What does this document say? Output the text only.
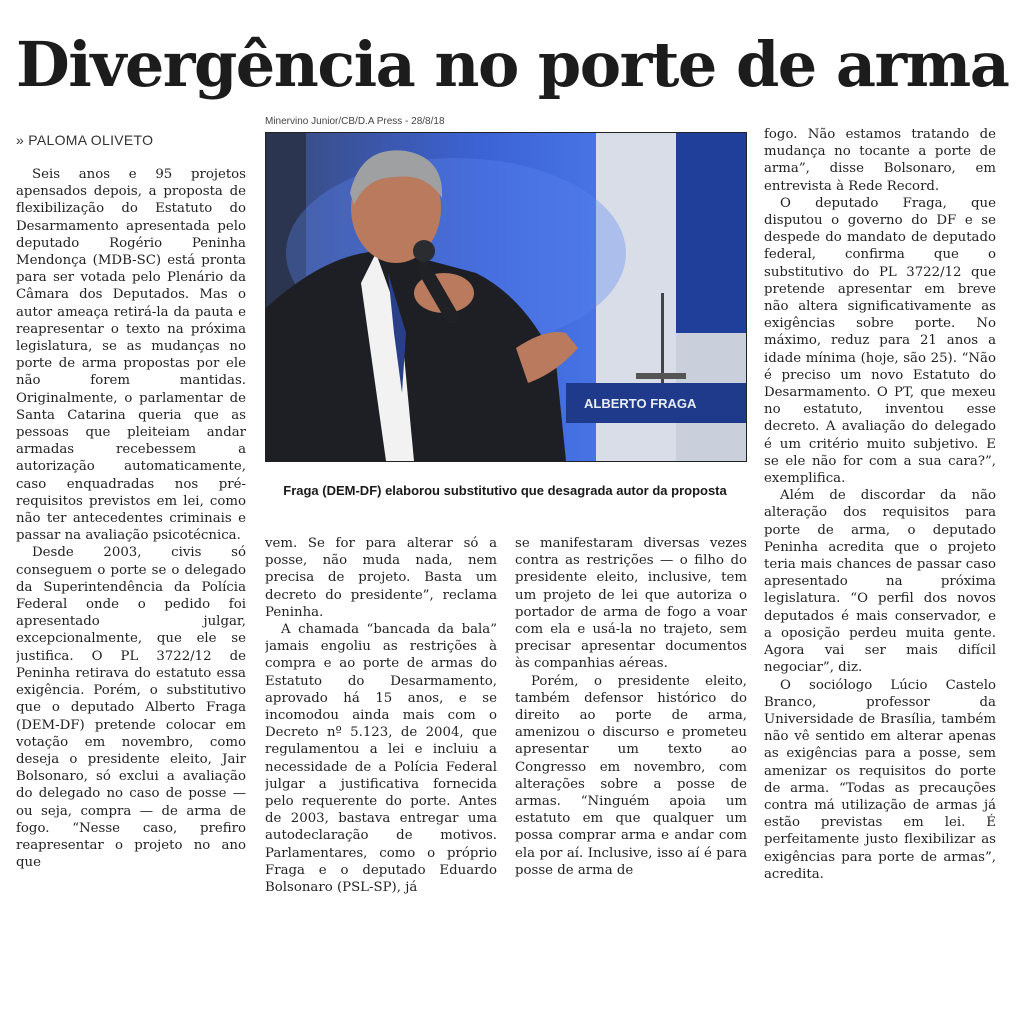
Divergência no porte de arma
» PALOMA OLIVETO

Seis anos e 95 projetos apensados depois, a proposta de flexibilização do Estatuto do Desarmamento apresentada pelo deputado Rogério Peninha Mendonça (MDB-SC) está pronta para ser votada pelo Plenário da Câmara dos Deputados. Mas o autor ameaça retirá-la da pauta e reapresentar o texto na próxima legislatura, se as mudanças no porte de arma propostas por ele não forem mantidas. Originalmente, o parlamentar de Santa Catarina queria que as pessoas que pleiteiam andar armadas recebessem a autorização automaticamente, caso enquadradas nos pré-requisitos previstos em lei, como não ter antecedentes criminais e passar na avaliação psicotécnica.

Desde 2003, civis só conseguem o porte se o delegado da Superintendência da Polícia Federal onde o pedido foi apresentado julgar, excepcionalmente, que ele se justifica. O PL 3722/12 de Peninha retirava do estatuto essa exigência. Porém, o substitutivo que o deputado Alberto Fraga (DEM-DF) pretende colocar em votação em novembro, como deseja o presidente eleito, Jair Bolsonaro, só exclui a avaliação do delegado no caso de posse — ou seja, compra — de arma de fogo. “Nesse caso, prefiro reapresentar o projeto no ano que

Minervino Junior/CB/D.A Press - 28/8/18
ALBERTO FRAGA
Fraga (DEM-DF) elaborou substitutivo que desagrada autor da proposta

vem. Se for para alterar só a posse, não muda nada, nem precisa de projeto. Basta um decreto do presidente”, reclama Peninha.

A chamada “bancada da bala” jamais engoliu as restrições à compra e ao porte de armas do Estatuto do Desarmamento, aprovado há 15 anos, e se incomodou ainda mais com o Decreto nº 5.123, de 2004, que regulamentou a lei e incluiu a necessidade de a Polícia Federal julgar a justificativa fornecida pelo requerente do porte. Antes de 2003, bastava entregar uma autodeclaração de motivos. Parlamentares, como o próprio Fraga e o deputado Eduardo Bolsonaro (PSL-SP), já

se manifestaram diversas vezes contra as restrições — o filho do presidente eleito, inclusive, tem um projeto de lei que autoriza o portador de arma de fogo a voar com ela e usá-la no trajeto, sem precisar apresentar documentos às companhias aéreas.

Porém, o presidente eleito, também defensor histórico do direito ao porte de arma, amenizou o discurso e prometeu apresentar um texto ao Congresso em novembro, com alterações sobre a posse de armas. “Ninguém apoia um estatuto em que qualquer um possa comprar arma e andar com ela por aí. Inclusive, isso aí é para posse de arma de

fogo. Não estamos tratando de mudança no tocante a porte de arma”, disse Bolsonaro, em entrevista à Rede Record.

O deputado Fraga, que disputou o governo do DF e se despede do mandato de deputado federal, confirma que o substitutivo do PL 3722/12 que pretende apresentar em breve não altera significativamente as exigências sobre porte. No máximo, reduz para 21 anos a idade mínima (hoje, são 25). “Não é preciso um novo Estatuto do Desarmamento. O PT, que mexeu no estatuto, inventou esse decreto. A avaliação do delegado é um critério muito subjetivo. E se ele não for com a sua cara?”, exemplifica.

Além de discordar da não alteração dos requisitos para porte de arma, o deputado Peninha acredita que o projeto teria mais chances de passar caso apresentado na próxima legislatura. “O perfil dos novos deputados é mais conservador, e a oposição perdeu muita gente. Agora vai ser mais difícil negociar”, diz.

O sociólogo Lúcio Castelo Branco, professor da Universidade de Brasília, também não vê sentido em alterar apenas as exigências para a posse, sem amenizar os requisitos do porte de arma. “Todas as precauções contra má utilização de armas já estão previstas em lei. É perfeitamente justo flexibilizar as exigências para porte de armas”, acredita.
